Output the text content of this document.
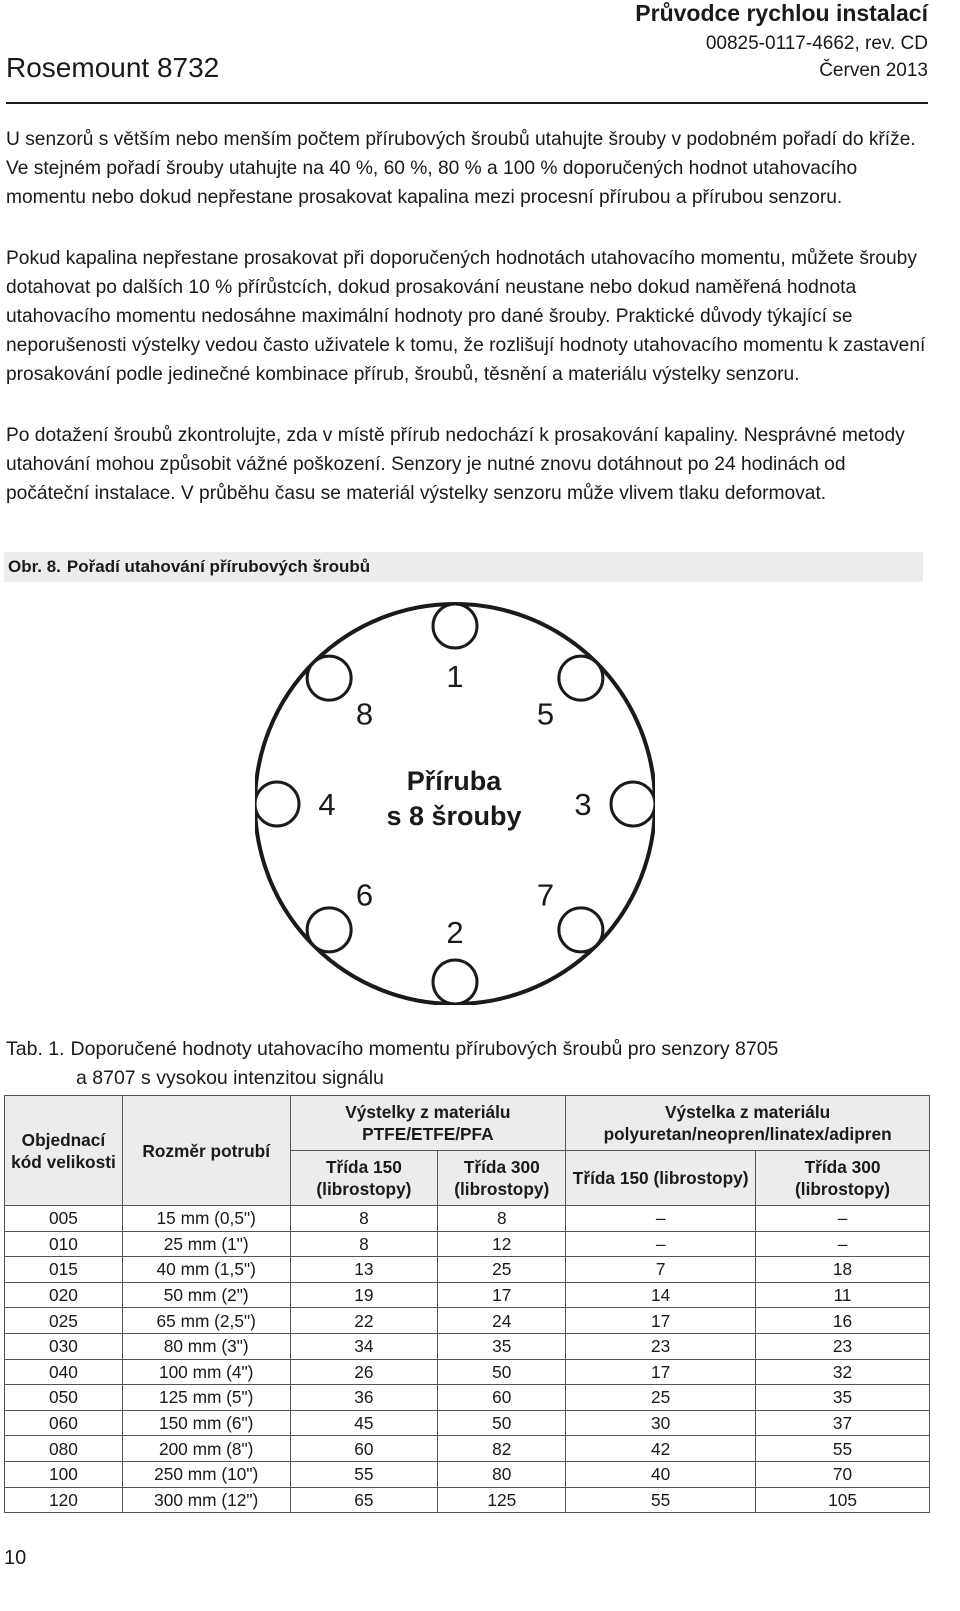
Rosemount 8732
Průvodce rychlou instalací
00825-0117-4662, rev. CD
Červen 2013

U senzorů s větším nebo menším počtem přírubových šroubů utahujte šrouby v podobném pořadí do kříže. Ve stejném pořadí šrouby utahujte na 40 %, 60 %, 80 % a 100 % doporučených hodnot utahovacího momentu nebo dokud nepřestane prosakovat kapalina mezi procesní přírubou a přírubou senzoru.

Pokud kapalina nepřestane prosakovat při doporučených hodnotách utahovacího momentu, můžete šrouby dotahovat po dalších 10 % přírůstcích, dokud prosakování neustane nebo dokud naměřená hodnota utahovacího momentu nedosáhne maximální hodnoty pro dané šrouby. Praktické důvody týkající se neporušenosti výstelky vedou často uživatele k tomu, že rozlišují hodnoty utahovacího momentu k zastavení prosakování podle jedinečné kombinace přírub, šroubů, těsnění a materiálu výstelky senzoru.

Po dotažení šroubů zkontrolujte, zda v místě přírub nedochází k prosakování kapaliny. Nesprávné metody utahování mohou způsobit vážné poškození. Senzory je nutné znovu dotáhnout po 24 hodinách od počáteční instalace. V průběhu času se materiál výstelky senzoru může vlivem tlaku deformovat.

Obr. 8. Pořadí utahování přírubových šroubů
Příruba
s 8 šrouby
1
5
3
7
2
6
4
8
Tab. 1. Doporučené hodnoty utahovacího momentu přírubových šroubů pro senzory 8705
a 8707 s vysokou intenzitou signálu
Objednací kód velikosti	Rozměr potrubí	Výstelky z materiálu PTFE/ETFE/PFA		Výstelka z materiálu polyuretan/neopren/linatex/adipren	
		Třída 150 (librostopy)	Třída 300 (librostopy)	Třída 150 (librostopy)	Třída 300 (librostopy)
005	15 mm (0,5")	8	8	–	–
010	25 mm (1")	8	12	–	–
015	40 mm (1,5")	13	25	7	18
020	50 mm (2")	19	17	14	11
025	65 mm (2,5")	22	24	17	16
030	80 mm (3")	34	35	23	23
040	100 mm (4")	26	50	17	32
050	125 mm (5")	36	60	25	35
060	150 mm (6")	45	50	30	37
080	200 mm (8")	60	82	42	55
100	250 mm (10")	55	80	40	70
120	300 mm (12")	65	125	55	105
10
